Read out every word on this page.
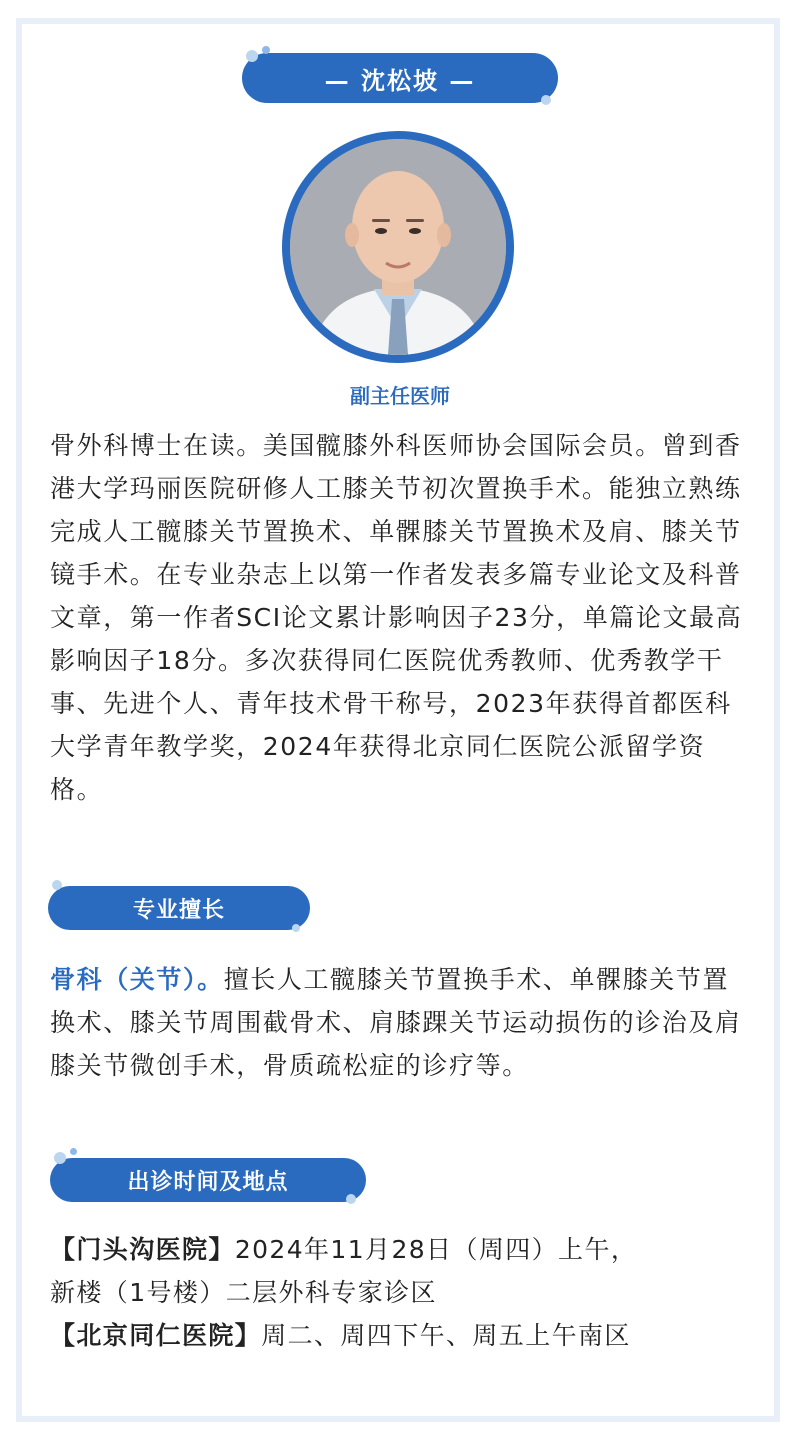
— 沈松坡 —
副主任医师

骨外科博士在读。美国髋膝外科医师协会国际会员。曾到香港大学玛丽医院研修人工膝关节初次置换手术。能独立熟练完成人工髋膝关节置换术、单髁膝关节置换术及肩、膝关节镜手术。在专业杂志上以第一作者发表多篇专业论文及科普文章，第一作者SCI论文累计影响因子23分，单篇论文最高影响因子18分。多次获得同仁医院优秀教师、优秀教学干事、先进个人、青年技术骨干称号，2023年获得首都医科大学青年教学奖，2024年获得北京同仁医院公派留学资格。

专业擅长

骨科（关节）。擅长人工髋膝关节置换手术、单髁膝关节置换术、膝关节周围截骨术、肩膝踝关节运动损伤的诊治及肩膝关节微创手术，骨质疏松症的诊疗等。

出诊时间及地点

【门头沟医院】2024年11月28日（周四）上午，

新楼（1号楼）二层外科专家诊区

【北京同仁医院】周二、周四下午、周五上午南区
